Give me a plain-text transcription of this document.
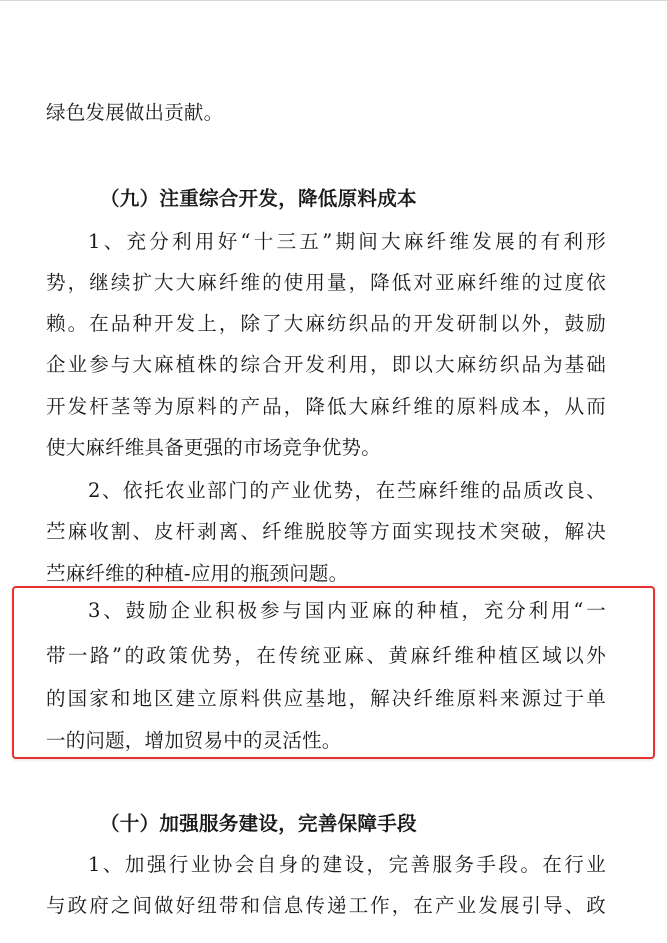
绿色发展做出贡献。
（九）注重综合开发，降低原料成本
1、充分利用好“十三五”期间大麻纤维发展的有利形
势，继续扩大大麻纤维的使用量，降低对亚麻纤维的过度依
赖。在品种开发上，除了大麻纺织品的开发研制以外，鼓励
企业参与大麻植株的综合开发利用，即以大麻纺织品为基础
开发杆茎等为原料的产品，降低大麻纤维的原料成本，从而
使大麻纤维具备更强的市场竞争优势。
2、依托农业部门的产业优势，在苎麻纤维的品质改良、
苎麻收割、皮杆剥离、纤维脱胶等方面实现技术突破，解决
苎麻纤维的种植-应用的瓶颈问题。
3、鼓励企业积极参与国内亚麻的种植，充分利用“一
带一路”的政策优势，在传统亚麻、黄麻纤维种植区域以外
的国家和地区建立原料供应基地，解决纤维原料来源过于单
一的问题，增加贸易中的灵活性。
（十）加强服务建设，完善保障手段
1、加强行业协会自身的建设，完善服务手段。在行业
与政府之间做好纽带和信息传递工作，在产业发展引导、政
